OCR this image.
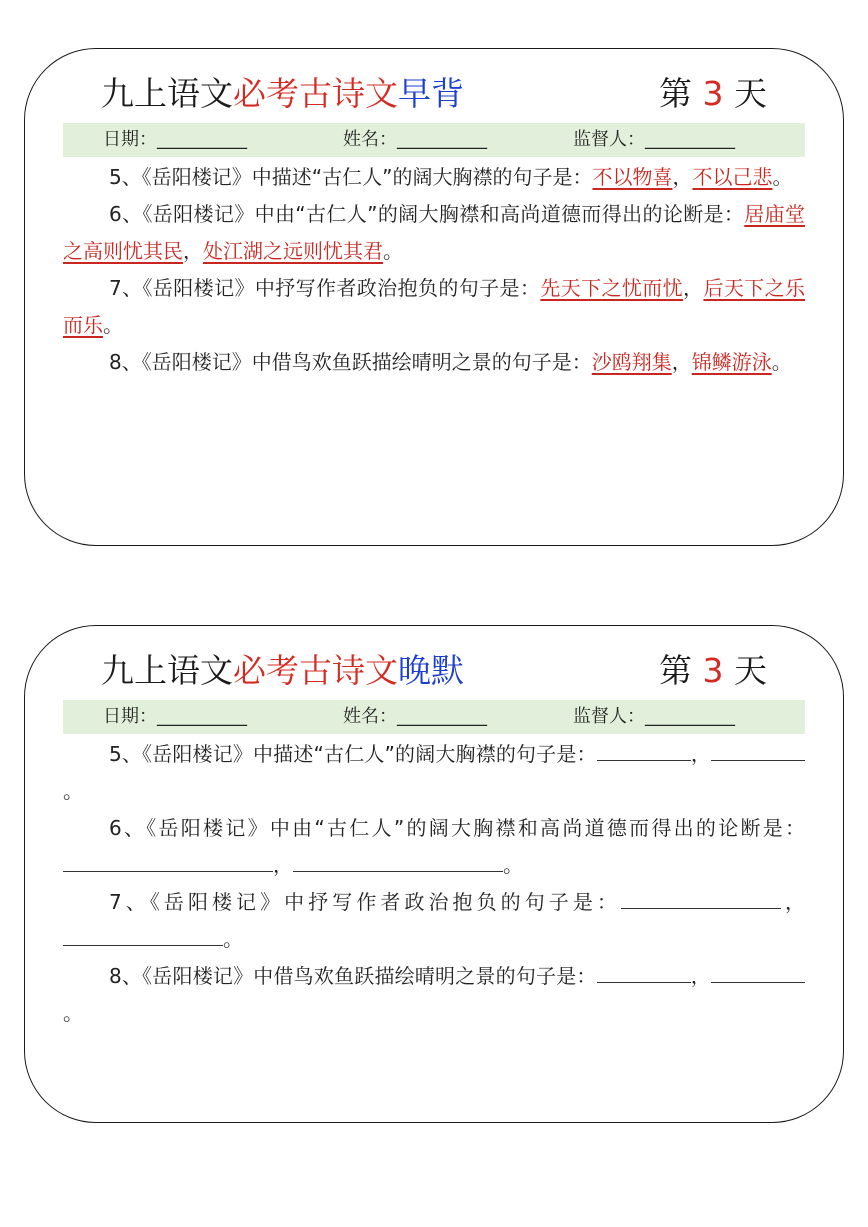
九上语文必考古诗文早背	第 3 天
日期：__________	姓名：__________	监督人：__________

5、《岳阳楼记》中描述“古仁人”的阔大胸襟的句子是：不以物喜，不以己悲。

6、《岳阳楼记》中由“古仁人”的阔大胸襟和高尚道德而得出的论断是：居庙堂之高则忧其民，处江湖之远则忧其君。

7、《岳阳楼记》中抒写作者政治抱负的句子是：先天下之忧而忧，后天下之乐而乐。

8、《岳阳楼记》中借鸟欢鱼跃描绘晴明之景的句子是：沙鸥翔集，锦鳞游泳。

九上语文必考古诗文晚默	第 3 天
日期：__________	姓名：__________	监督人：__________

5、《岳阳楼记》中描述“古仁人”的阔大胸襟的句子是：	，。

6、《岳阳楼记》中由“古仁人”的阔大胸襟和高尚道德而得出的论断是：，	。

7、《岳阳楼记》中抒写作者政治抱负的句子是：	，。

8、《岳阳楼记》中借鸟欢鱼跃描绘晴明之景的句子是：	，。
